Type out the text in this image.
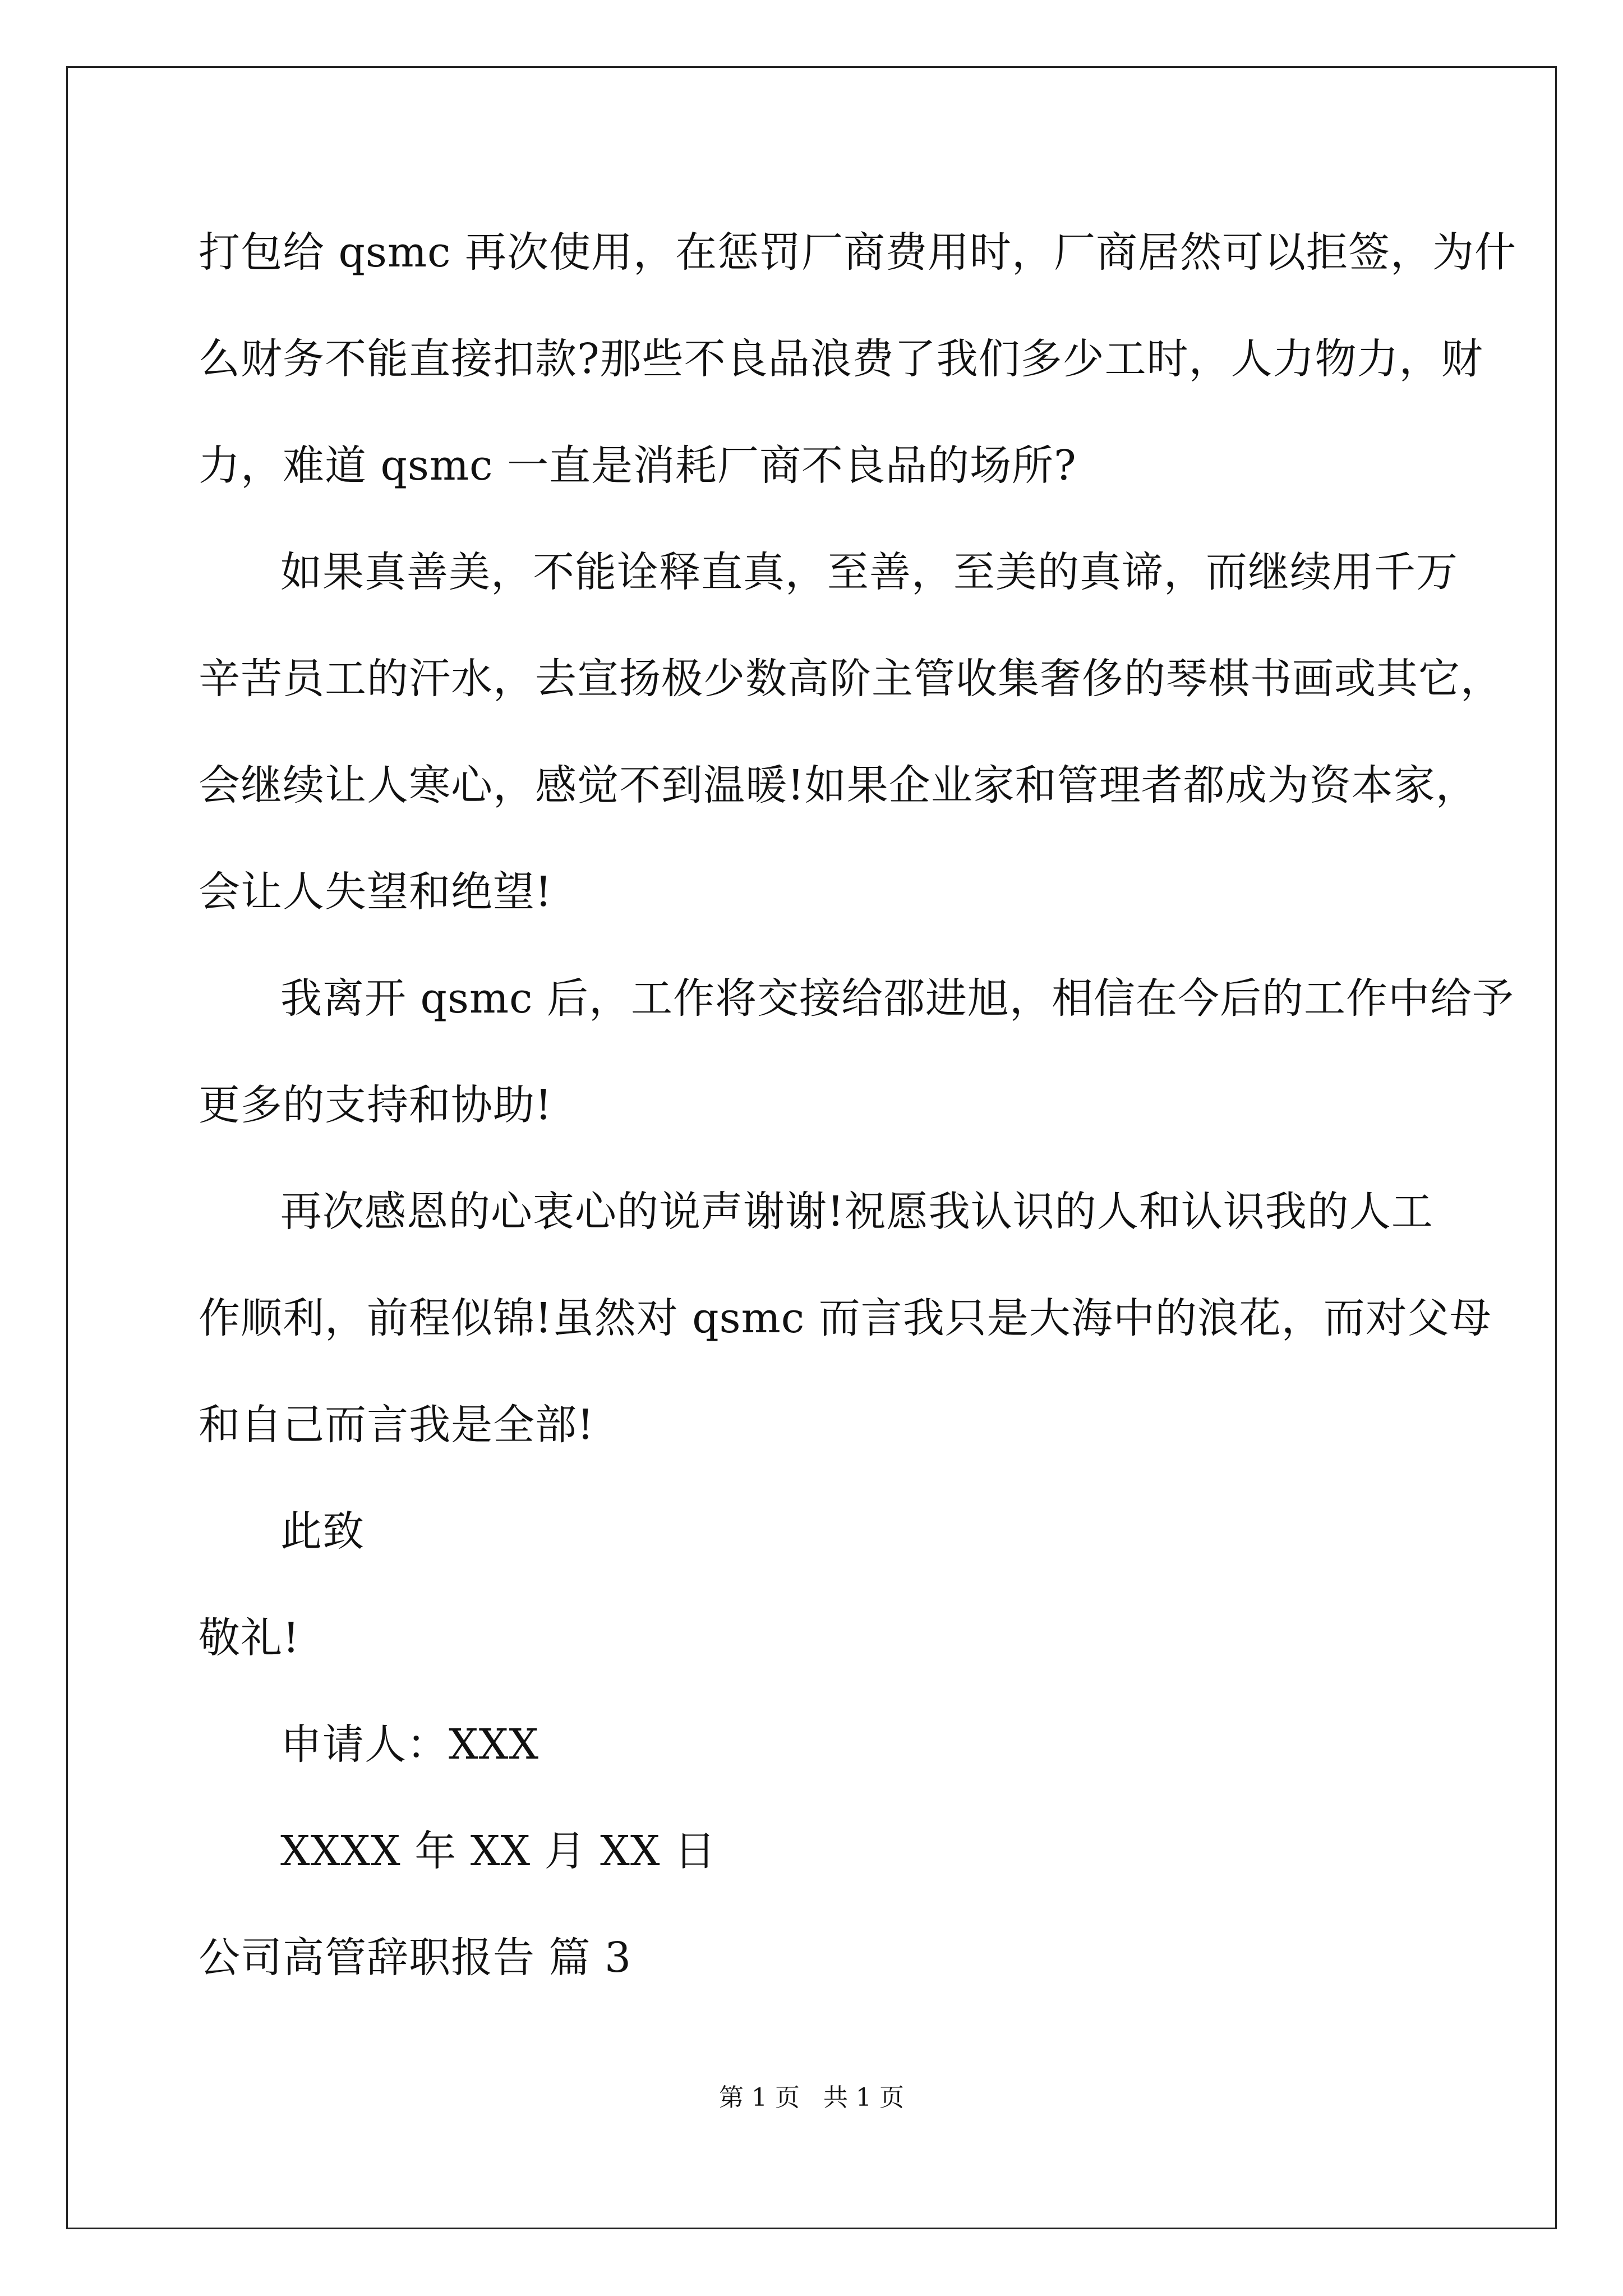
打包给 qsmc 再次使用，在惩罚厂商费用时，厂商居然可以拒签，为什
么财务不能直接扣款?那些不良品浪费了我们多少工时，人力物力，财
力，难道 qsmc 一直是消耗厂商不良品的场所?
如果真善美，不能诠释直真，至善，至美的真谛，而继续用千万
辛苦员工的汗水，去宣扬极少数高阶主管收集奢侈的琴棋书画或其它，
会继续让人寒心，感觉不到温暖!如果企业家和管理者都成为资本家，
会让人失望和绝望!
我离开 qsmc 后，工作将交接给邵进旭，相信在今后的工作中给予
更多的支持和协助!
再次感恩的心衷心的说声谢谢!祝愿我认识的人和认识我的人工
作顺利，前程似锦!虽然对 qsmc 而言我只是大海中的浪花，而对父母
和自己而言我是全部!
此致
敬礼!
申请人：XXX
XXXX 年 XX 月 XX 日
公司高管辞职报告 篇 3
第 1 页 共 1 页
